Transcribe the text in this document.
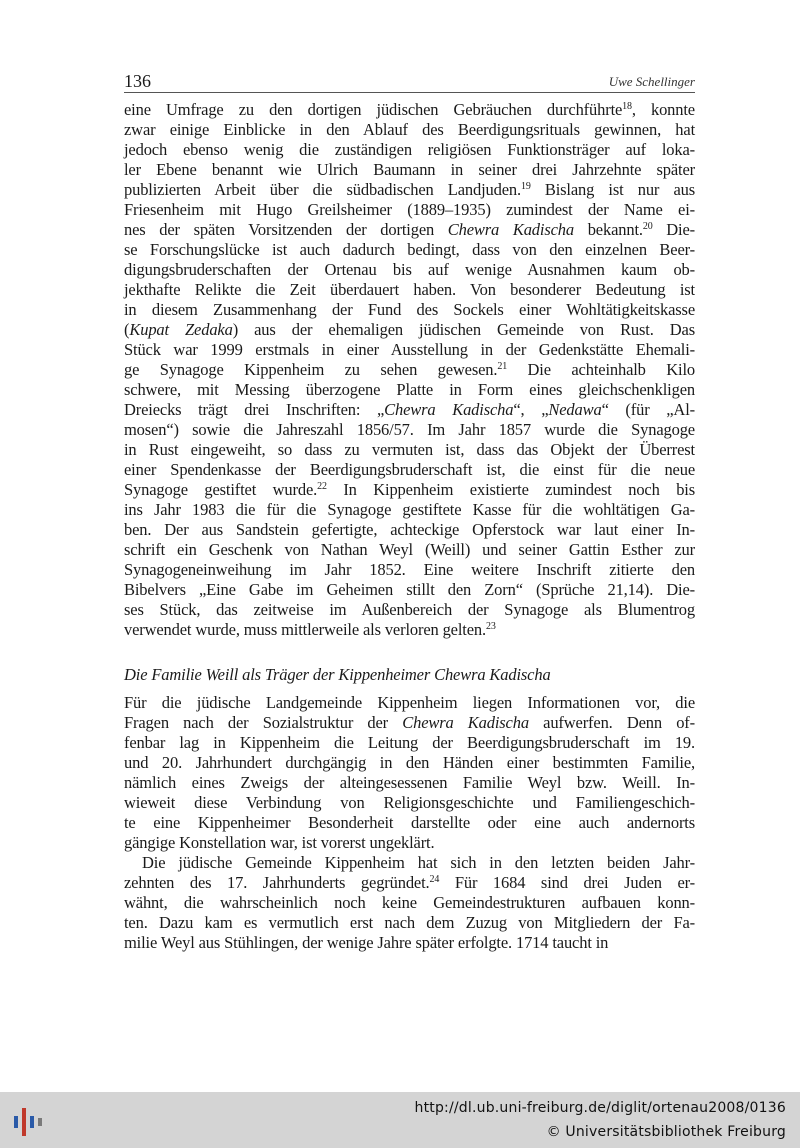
136	Uwe Schellinger
eine Umfrage zu den dortigen jüdischen Gebräuchen durchführte$^{18}$, konnte
zwar einige Einblicke in den Ablauf des Beerdigungsrituals gewinnen, hat
jedoch ebenso wenig die zuständigen religiösen Funktionsträger auf loka-
ler Ebene benannt wie Ulrich Baumann in seiner drei Jahrzehnte später
publizierten Arbeit über die südbadischen Landjuden.$^{19}$ Bislang ist nur aus
Friesenheim mit Hugo Greilsheimer (1889–1935) zumindest der Name ei-
nes der späten Vorsitzenden der dortigen Chewra Kadischa bekannt.$^{20}$ Die-
se Forschungslücke ist auch dadurch bedingt, dass von den einzelnen Beer-
digungsbruderschaften der Ortenau bis auf wenige Ausnahmen kaum ob-
jekthafte Relikte die Zeit überdauert haben. Von besonderer Bedeutung ist
in diesem Zusammenhang der Fund des Sockels einer Wohltätigkeitskasse
(Kupat Zedaka) aus der ehemaligen jüdischen Gemeinde von Rust. Das
Stück war 1999 erstmals in einer Ausstellung in der Gedenkstätte Ehemali-
ge Synagoge Kippenheim zu sehen gewesen.$^{21}$ Die achteinhalb Kilo
schwere, mit Messing überzogene Platte in Form eines gleichschenkligen
Dreiecks trägt drei Inschriften: „Chewra Kadischa“, „Nedawa“ (für „Al-
mosen“) sowie die Jahreszahl 1856/57. Im Jahr 1857 wurde die Synagoge
in Rust eingeweiht, so dass zu vermuten ist, dass das Objekt der Überrest
einer Spendenkasse der Beerdigungsbruderschaft ist, die einst für die neue
Synagoge gestiftet wurde.$^{22}$ In Kippenheim existierte zumindest noch bis
ins Jahr 1983 die für die Synagoge gestiftete Kasse für die wohltätigen Ga-
ben. Der aus Sandstein gefertigte, achteckige Opferstock war laut einer In-
schrift ein Geschenk von Nathan Weyl (Weill) und seiner Gattin Esther zur
Synagogeneinweihung im Jahr 1852. Eine weitere Inschrift zitierte den
Bibelvers „Eine Gabe im Geheimen stillt den Zorn“ (Sprüche 21,14). Die-
ses Stück, das zeitweise im Außenbereich der Synagoge als Blumentrog
verwendet wurde, muss mittlerweile als verloren gelten.$^{23}$
Die Familie Weill als Träger der Kippenheimer Chewra Kadischa
Für die jüdische Landgemeinde Kippenheim liegen Informationen vor, die
Fragen nach der Sozialstruktur der Chewra Kadischa aufwerfen. Denn of-
fenbar lag in Kippenheim die Leitung der Beerdigungsbruderschaft im 19.
und 20. Jahrhundert durchgängig in den Händen einer bestimmten Familie,
nämlich eines Zweigs der alteingesessenen Familie Weyl bzw. Weill. In-
wieweit diese Verbindung von Religionsgeschichte und Familiengeschich-
te eine Kippenheimer Besonderheit darstellte oder eine auch andernorts
gängige Konstellation war, ist vorerst ungeklärt.
Die jüdische Gemeinde Kippenheim hat sich in den letzten beiden Jahr-
zehnten des 17. Jahrhunderts gegründet.$^{24}$ Für 1684 sind drei Juden er-
wähnt, die wahrscheinlich noch keine Gemeindestrukturen aufbauen konn-
ten. Dazu kam es vermutlich erst nach dem Zuzug von Mitgliedern der Fa-
milie Weyl aus Stühlingen, der wenige Jahre später erfolgte. 1714 taucht in
http://dl.ub.uni-freiburg.de/diglit/ortenau2008/0136
© Universitätsbibliothek Freiburg
